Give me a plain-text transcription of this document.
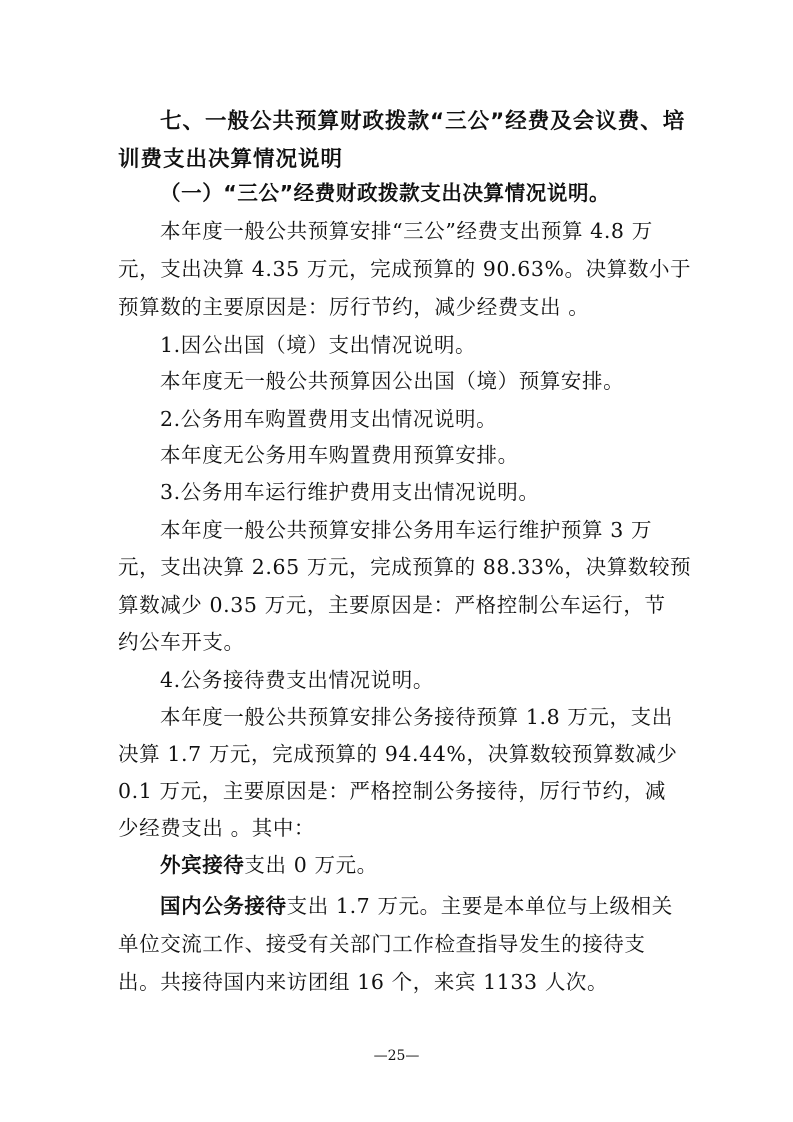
七、一般公共预算财政拨款“三公”经费及会议费、培
训费支出决算情况说明
（一）“三公”经费财政拨款支出决算情况说明。
本年度一般公共预算安排“三公”经费支出预算 4.8 万
元，支出决算 4.35 万元，完成预算的 90.63%。决算数小于
预算数的主要原因是：厉行节约，减少经费支出 。
1.因公出国（境）支出情况说明。
本年度无一般公共预算因公出国（境）预算安排。
2.公务用车购置费用支出情况说明。
本年度无公务用车购置费用预算安排。
3.公务用车运行维护费用支出情况说明。
本年度一般公共预算安排公务用车运行维护预算 3 万
元，支出决算 2.65 万元，完成预算的 88.33%，决算数较预
算数减少 0.35 万元，主要原因是：严格控制公车运行，节
约公车开支。
4.公务接待费支出情况说明。
本年度一般公共预算安排公务接待预算 1.8 万元，支出
决算 1.7 万元，完成预算的 94.44%，决算数较预算数减少
0.1 万元，主要原因是：严格控制公务接待，厉行节约，减
少经费支出 。其中：
外宾接待支出 0 万元。
国内公务接待支出 1.7 万元。主要是本单位与上级相关
单位交流工作、接受有关部门工作检查指导发生的接待支
出。共接待国内来访团组 16 个，来宾 1133 人次。
—25—
